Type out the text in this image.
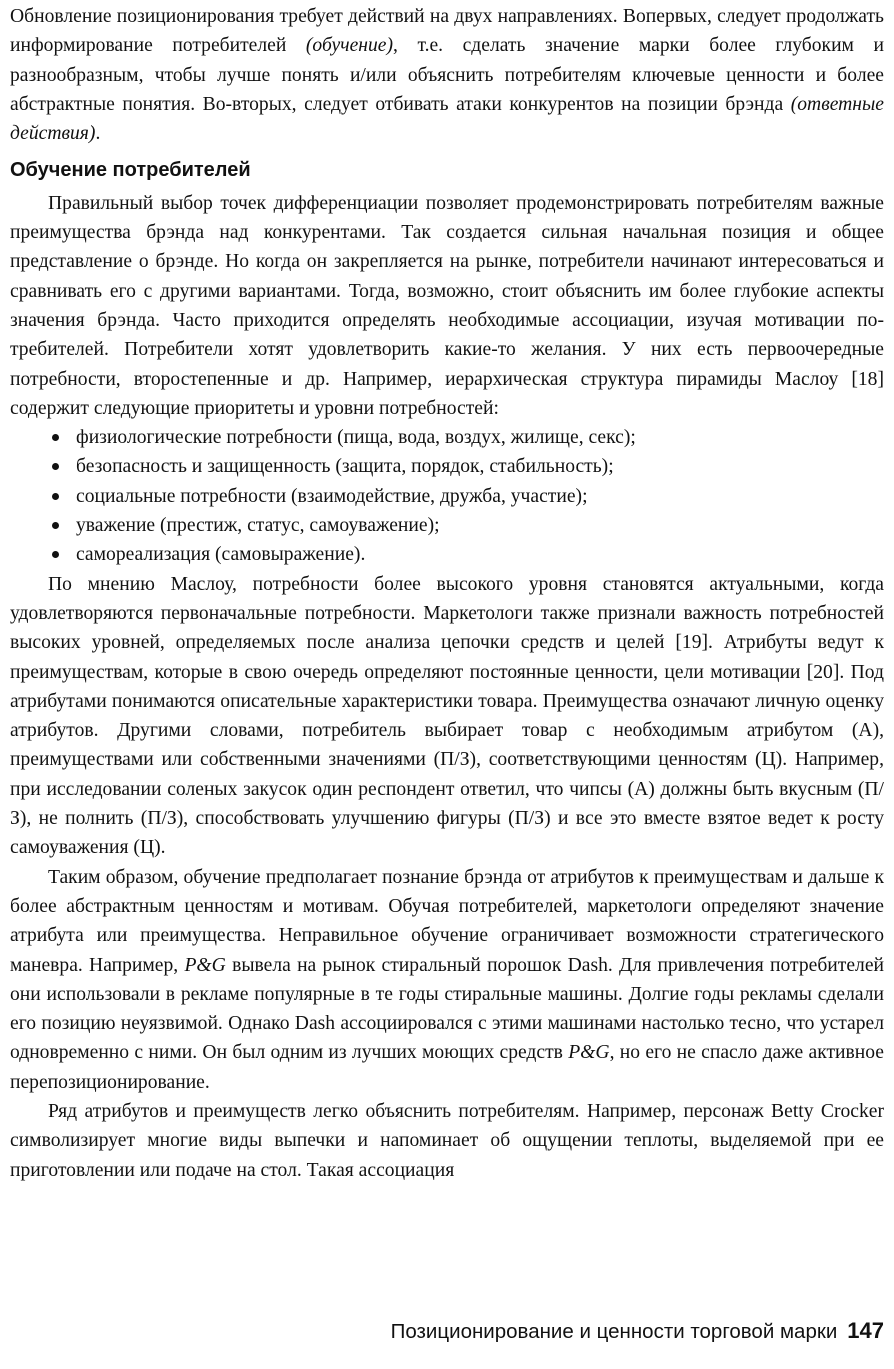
Обновление позиционирования требует действий на двух направлениях. Вопервых, следует продолжать информирование потребителей (обучение), т.е. сделать значение марки более глубоким и разнообразным, чтобы лучше понять и/или объяснить потребителям ключевые ценности и более абстрактные понятия. Во-вторых, следует отбивать атаки конкурентов на позиции брэнда (ответные действия).

Обучение потребителей

Правильный выбор точек дифференциации позволяет продемонстрировать потребителям важные преимущества брэнда над конкурентами. Так создается сильная начальная позиция и общее представление о брэнде. Но когда он закрепляется на рынке, потребители начинают интересоваться и сравнивать его с другими вариантами. Тогда, возможно, стоит объяснить им более глубокие аспекты значения брэнда. Часто приходится определять необходимые ассоциации, изучая мотивации потребителей. Потребители хотят удовлетворить какие-то желания. У них есть первоочередные потребности, второстепенные и др. Например, иерархическая структура пирамиды Маслоу [18] содержит следующие приоритеты и уровни потребностей:

физиологические потребности (пища, вода, воздух, жилище, секс);
безопасность и защищенность (защита, порядок, стабильность);
социальные потребности (взаимодействие, дружба, участие);
уважение (престиж, статус, самоуважение);
самореализация (самовыражение).

По мнению Маслоу, потребности более высокого уровня становятся актуальными, когда удовлетворяются первоначальные потребности. Маркетологи также признали важность потребностей высоких уровней, определяемых после анализа цепочки средств и целей [19]. Атрибуты ведут к преимуществам, которые в свою очередь определяют постоянные ценности, цели мотивации [20]. Под атрибутами понимаются описательные характеристики товара. Преимущества означают личную оценку атрибутов. Другими словами, потребитель выбирает товар с необходимым атрибутом (А), преимуществами или собственными значениями (П/З), соответствующими ценностям (Ц). Например, при исследовании соленых закусок один респондент ответил, что чипсы (А) должны быть вкусным (П/З), не полнить (П/З), способствовать улучшению фигуры (П/З) и все это вместе взятое ведет к росту самоуважения (Ц).

Таким образом, обучение предполагает познание брэнда от атрибутов к преимуществам и дальше к более абстрактным ценностям и мотивам. Обучая потребителей, маркетологи определяют значение атрибута или преимущества. Неправильное обучение ограничивает возможности стратегического маневра. Например, P&G вывела на рынок стиральный порошок Dash. Для привлечения потребителей они использовали в рекламе популярные в те годы стиральные машины. Долгие годы рекламы сделали его позицию неуязвимой. Однако Dash ассоциировался с этими машинами настолько тесно, что устарел одновременно с ними. Он был одним из лучших моющих средств P&G, но его не спасло даже активное перепозиционирование.

Ряд атрибутов и преимуществ легко объяснить потребителям. Например, персонаж Betty Crocker символизирует многие виды выпечки и напоминает об ощущении теплоты, выделяемой при ее приготовлении или подаче на стол. Такая ассоциация

Позиционирование и ценности торговой марки 147
